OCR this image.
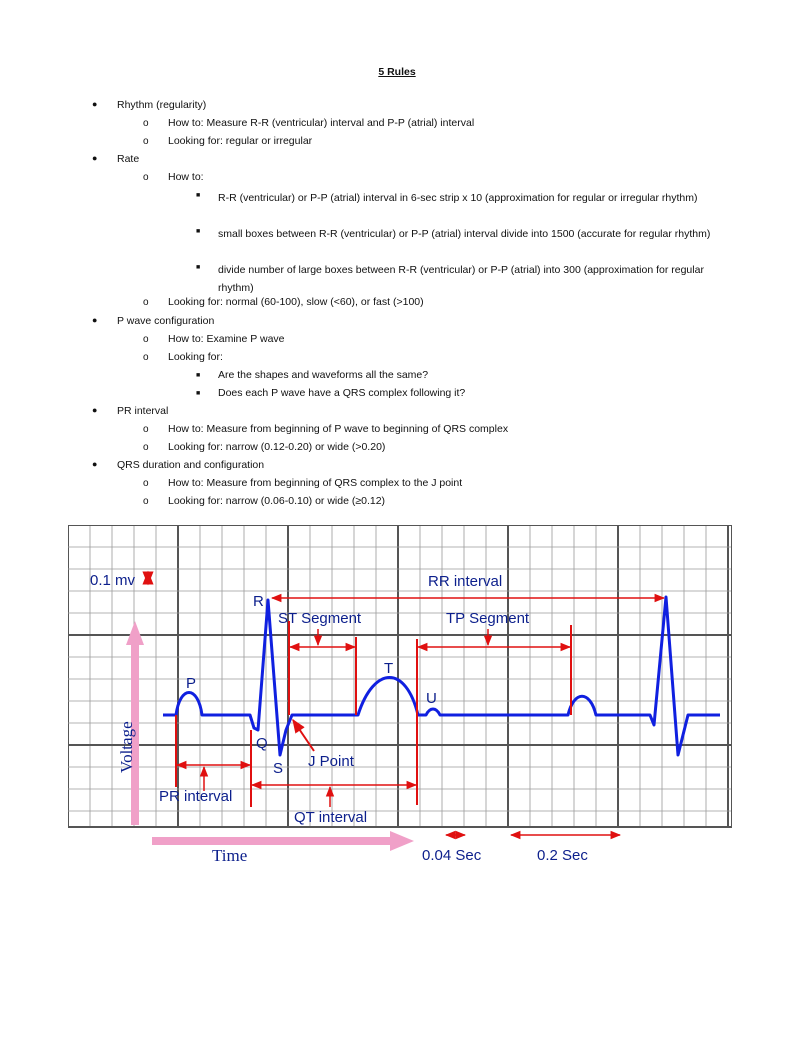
5 Rules
● Rhythm (regularity)
o How to: Measure R-R (ventricular) interval and P-P (atrial) interval
o Looking for: regular or irregular
● Rate
o How to:
■ R-R (ventricular) or P-P (atrial) interval in 6-sec strip x 10 (approximation for regular or irregular rhythm)
■ small boxes between R-R (ventricular) or P-P (atrial) interval divide into 1500 (accurate for regular rhythm)
■ divide number of large boxes between R-R (ventricular) or P-P (atrial) into 300 (approximation for regular rhythm)
o Looking for: normal (60-100), slow (<60), or fast (>100)
● P wave configuration
o How to: Examine P wave
o Looking for:
■ Are the shapes and waveforms all the same?
■ Does each P wave have a QRS complex following it?
● PR interval
o How to: Measure from beginning of P wave to beginning of QRS complex
o Looking for: narrow (0.12-0.20) or wide (>0.20)
● QRS duration and configuration
o How to: Measure from beginning of QRS complex to the J point
o Looking for: narrow (0.06-0.10) or wide (≥0.12)
Voltage
Time
0.1 mv
P
R
Q
S
T
U
RR interval
ST Segment	TP Segment
J Point
PR interval
QT interval
0.04 Sec	0.2 Sec
